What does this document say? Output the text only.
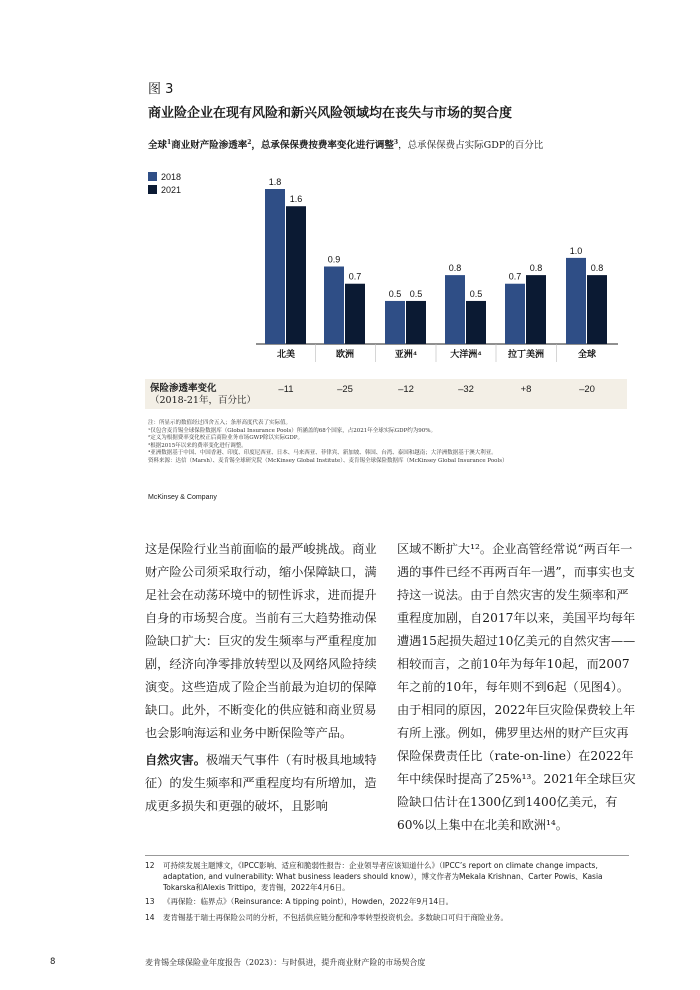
图 3
商业险企业在现有风险和新兴风险领域均在丧失与市场的契合度
全球$^1$商业财产险渗透率$^2$，总承保保费按费率变化进行调整$^3$，总承保保费占实际GDP的百分比
2018
2021
1.8
1.6
北美
0.9
0.7
欧洲
0.5 0.5
亚洲⁴
0.8
0.5
大洋洲⁴
0.7
0.8
拉丁美洲
1.0
0.8
全球
保险渗透率变化
（2018-21年，百分比）
–11	–25	–12	–32	+8	–20
注：所显示的数值经过四舍五入；条形高度代表了实际值。
¹仅包含麦肯锡全球保险数据库（Global Insurance Pools）所涵盖的68个国家，占2021年全球实际GDP约为90%。
²定义为根据费率变化校正后商险业务市场GWP除以实际GDP。
³根据2015年以来的费率变化进行调整。
⁴亚洲数据基于中国、中国香港、印度、印度尼西亚、日本、马来西亚、菲律宾、新加坡、韩国、台湾、泰国和越南；大洋洲数据基于澳大利亚。
资料来源：达信（Marsh）、麦肯锡全球研究院（McKinsey Global Institute）、麦肯锡全球保险数据库（McKinsey Global Insurance Pools）
McKinsey & Company

这是保险行业当前面临的最严峻挑战。商业财产险公司须采取行动，缩小保障缺口，满足社会在动荡环境中的韧性诉求，进而提升自身的市场契合度。当前有三大趋势推动保险缺口扩大：巨灾的发生频率与严重程度加剧，经济向净零排放转型以及网络风险持续演变。这些造成了险企当前最为迫切的保障缺口。此外，不断变化的供应链和商业贸易也会影响海运和业务中断保险等产品。

自然灾害。极端天气事件（有时极具地域特征）的发生频率和严重程度均有所增加，造成更多损失和更强的破坏，且影响

区域不断扩大¹²。企业高管经常说“两百年一遇的事件已经不再两百年一遇”，而事实也支持这一说法。由于自然灾害的发生频率和严重程度加剧，自2017年以来，美国平均每年遭遇15起损失超过10亿美元的自然灾害——相较而言，之前10年为每年10起，而2007年之前的10年，每年则不到6起（见图4）。由于相同的原因，2022年巨灾险保费较上年有所上涨。例如，佛罗里达州的财产巨灾再保险保费责任比（rate-on-line）在2022年年中续保时提高了25%¹³。2021年全球巨灾险缺口估计在1300亿到1400亿美元，有60%以上集中在北美和欧洲¹⁴。

12 可持续发展主题博文，《IPCC影响、适应和脆弱性报告：企业领导者应该知道什么》（IPCC’s report on climate change impacts, adaptation, and vulnerability: What business leaders should know），博文作者为Mekala Krishnan、Carter Powis、Kasia Tokarska和Alexis Trittipo，麦肯锡，2022年4月6日。
13 《再保险：临界点》（Reinsurance: A tipping point），Howden，2022年9月14日。
14 麦肯锡基于瑞士再保险公司的分析，不包括供应链分配和净零转型投资机会。多数缺口可归于商险业务。
8	麦肯锡全球保险业年度报告（2023）：与时俱进，提升商业财产险的市场契合度
